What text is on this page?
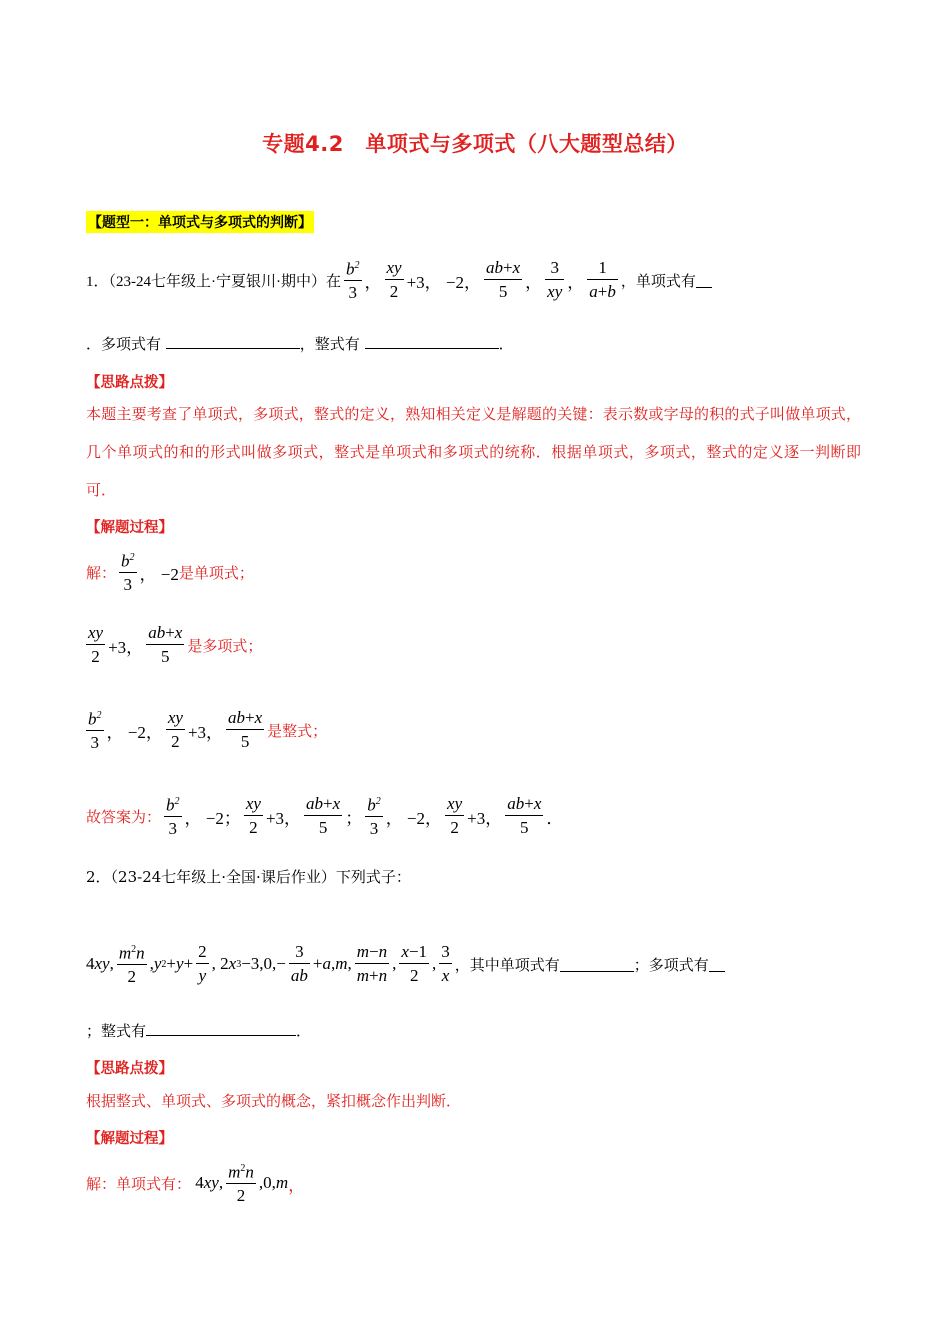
专题4.2　单项式与多项式（八大题型总结）
【题型一：单项式与多项式的判断】
1．（23-24七年级上·宁夏银川·期中）在 $\frac{b^2}{3}$ ， $\frac{xy}{2} +3$， −2， $\frac{ab+x}{5}$ ， $\frac{3}{xy}$ ， $\frac{1}{a+b}$ ，单项式有
．多项式有	，整式有	．
【思路点拨】
本题主要考查了单项式，多项式，整式的定义，熟知相关定义是解题的关键：表示数或字母的积的式子叫做单项式，几个单项式的和的形式叫做多项式，整式是单项式和多项式的统称．根据单项式，多项式，整式的定义逐一判断即可．
【解题过程】
解： $\frac{b^2}{3}$ ， −2 是单项式；
$\frac{xy}{2} +3$， $\frac{ab+x}{5}$ 是多项式；
$\frac{b^2}{3}$ ， −2， $\frac{xy}{2} +3$， $\frac{ab+x}{5}$ 是整式；
故答案为： $\frac{b^2}{3}$ ， −2； $\frac{xy}{2} +3$， $\frac{ab+x}{5}$ ； $\frac{b^2}{3}$ ， −2， $\frac{xy}{2} +3$， $\frac{ab+x}{5}$ ．
2．（23-24七年级上·全国·课后作业）下列式子：
4 xy , $\frac{m^2n}{2}$ , y $2 + y + \frac{2}{y}$ , 2 x $3 -3,0,- \frac{3}{ab} + a$ , m , $\frac{m-n}{m+n}$ , $\frac{x-1}{2}$ , $\frac{3}{x}$ ，其中单项式有	；多项式有
；整式有	．
【思路点拨】
根据整式、单项式、多项式的概念，紧扣概念作出判断．
【解题过程】
解：单项式有： 4 xy , $\frac{m^2n}{2} ,0$, m ，
